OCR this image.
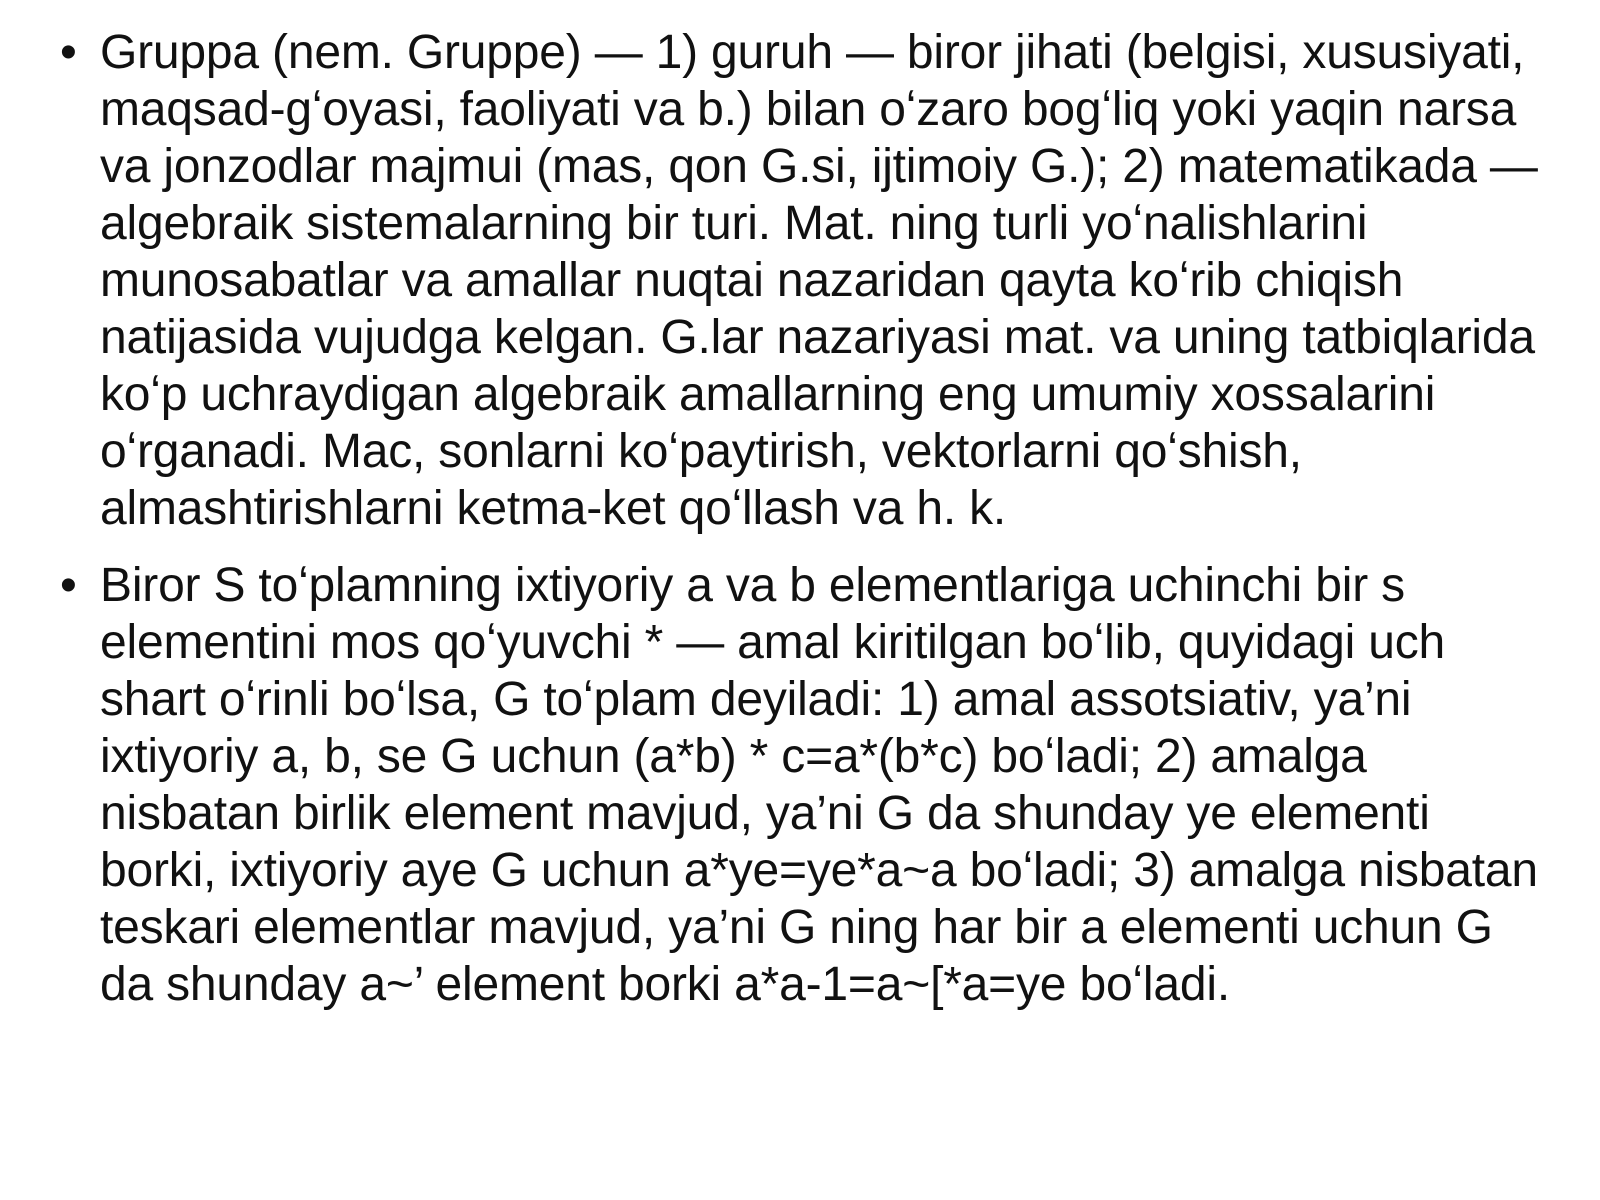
• Gruppa (nem. Gruppe) — 1) guruh — biror jihati (belgisi, xususiyati, maqsad-gʻoyasi, faoliyati va b.) bilan oʻzaro bogʻliq yoki yaqin narsa va jonzodlar majmui (mas, qon G.si, ijtimoiy G.); 2) matematikada — algebraik sistemalarning bir turi. Mat. ning turli yoʻnalishlarini munosabatlar va amallar nuqtai nazaridan qayta koʻrib chiqish natijasida vujudga kelgan. G.lar nazariyasi mat. va uning tatbiqlarida koʻp uchraydigan algebraik amallarning eng umumiy xossalarini oʻrganadi. Mac, sonlarni koʻpaytirish, vektorlarni qoʻshish, almashtirishlarni ketma-ket qoʻllash va h. k.
• Biror S toʻplamning ixtiyoriy a va b elementlariga uchinchi bir s elementini mos qoʻyuvchi * — amal kiritilgan boʻlib, quyidagi uch shart oʻrinli boʻlsa, G toʻplam deyiladi: 1) amal assotsiativ, ya’ni ixtiyoriy a, b, se G uchun (a*b) * c=a*(b*c) boʻladi; 2) amalga nisbatan birlik element mavjud, ya’ni G da shunday ye elementi borki, ixtiyoriy aye G uchun a*ye=ye*a~a boʻladi; 3) amalga nisbatan teskari elementlar mavjud, ya’ni G ning har bir a elementi uchun G da shunday a~’ element borki a*a-1=a~[*a=ye boʻladi.
